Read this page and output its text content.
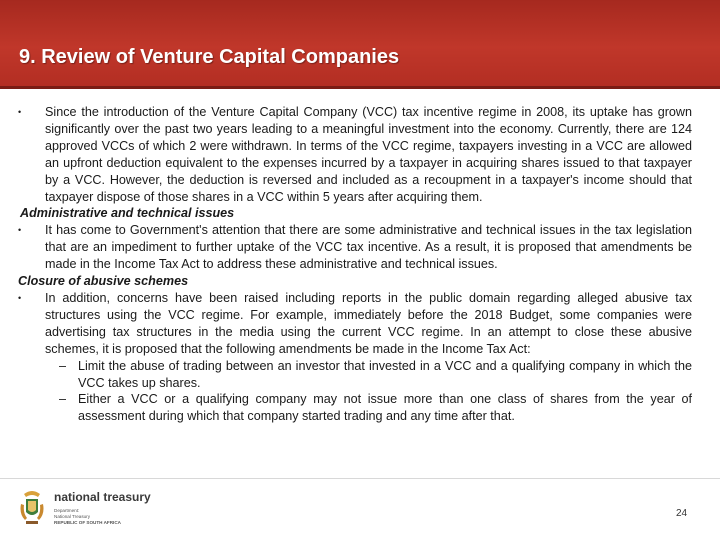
9. Review of Venture Capital Companies
•	Since the introduction of the Venture Capital Company (VCC) tax incentive regime in 2008, its uptake has grown significantly over the past two years leading to a meaningful investment into the economy. Currently, there are 124 approved VCCs of which 2 were withdrawn. In terms of the VCC regime, taxpayers investing in a VCC are allowed an upfront deduction equivalent to the expenses incurred by a taxpayer in acquiring shares issued to that taxpayer by a VCC. However, the deduction is reversed and included as a recoupment in a taxpayer's income should that taxpayer dispose of those shares in a VCC within 5 years after acquiring them.
Administrative and technical issues
•	It has come to Government's attention that there are some administrative and technical issues in the tax legislation that are an impediment to further uptake of the VCC tax incentive. As a result, it is proposed that amendments be made in the Income Tax Act to address these administrative and technical issues.
Closure of abusive schemes
•	In addition, concerns have been raised including reports in the public domain regarding alleged abusive tax structures using the VCC regime. For example, immediately before the 2018 Budget, some companies were advertising tax structures in the media using the current VCC regime. In an attempt to close these abusive schemes, it is proposed that the following amendments be made in the Income Tax Act:
– Limit the abuse of trading between an investor that invested in a VCC and a qualifying company in which the VCC takes up shares.
– Either a VCC or a qualifying company may not issue more than one class of shares from the year of assessment during which that company started trading and any time after that.
national treasury
Department:
National Treasury
REPUBLIC OF SOUTH AFRICA
24
